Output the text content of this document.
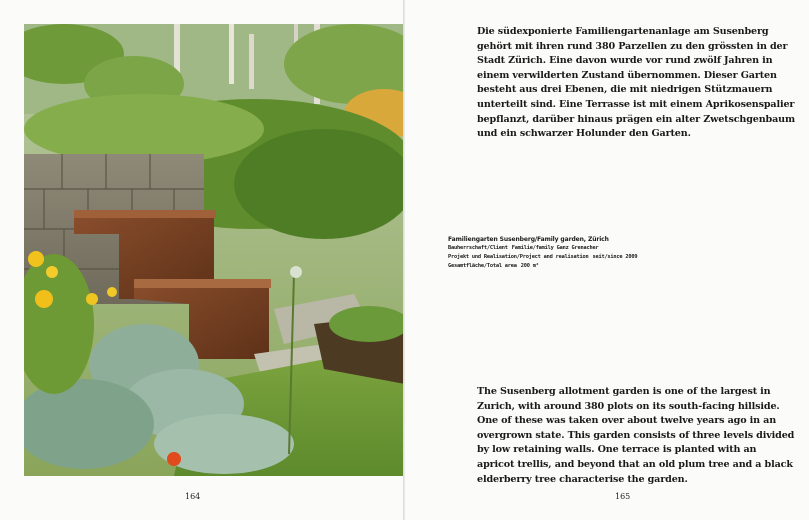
164
Die südexponierte Familiengartenanlage am Susenberg gehört mit ihren rund 380 Parzellen zu den grössten in der Stadt Zürich. Eine davon wurde vor rund zwölf Jahren in einem verwilderten Zustand übernommen. Dieser Garten besteht aus drei Ebenen, die mit niedrigen Stützmauern unterteilt sind. Eine Terrasse ist mit einem Aprikosenspalier bepflanzt, darüber hinaus prägen ein alter Zwetschgenbaum und ein schwarzer Holunder den Garten.
Familiengarten Susenberg/Family garden, Zürich
Bauherrschaft/Client Familie/family Ganz Grenacher
Projekt und Realisation/Project and realisation seit/since 2009
Gesamtfläche/Total area 200 m²
The Susenberg allotment garden is one of the largest in Zurich, with around 380 plots on its south-facing hillside. One of these was taken over about twelve years ago in an overgrown state. This garden consists of three levels divided by low retaining walls. One terrace is planted with an apricot trellis, and beyond that an old plum tree and a black elderberry tree characterise the garden.
165
